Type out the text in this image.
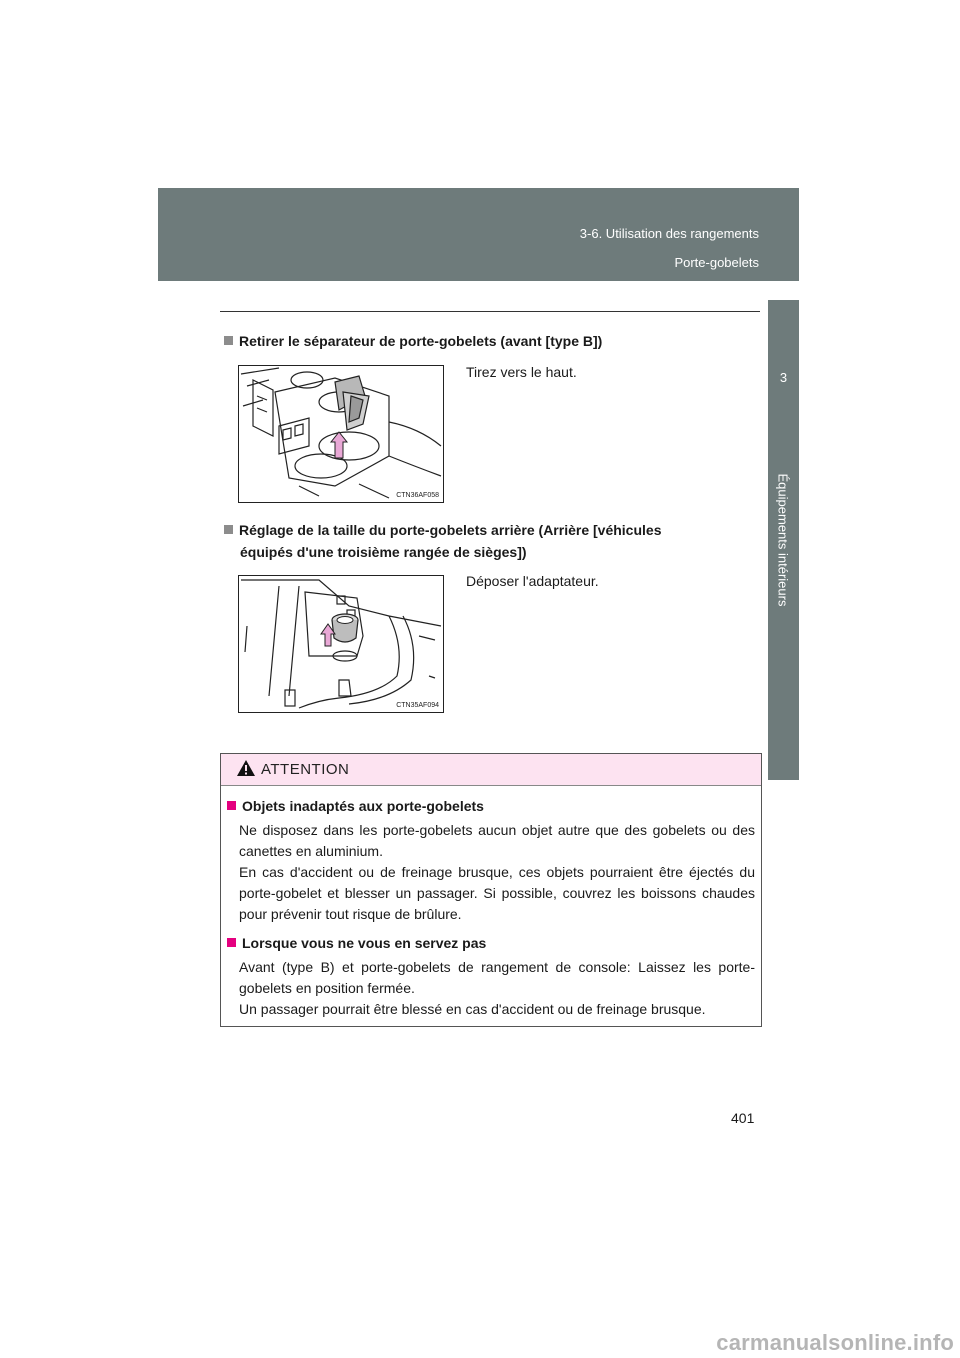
3-6. Utilisation des rangements
Porte-gobelets
3
Équipements intérieurs
Retirer le séparateur de porte-gobelets (avant [type B])
CTN36AF058
Tirez vers le haut.
Réglage de la taille du porte-gobelets arrière (Arrière [véhicules
équipés d'une troisième rangée de sièges])
CTN35AF094
Déposer l'adaptateur.
ATTENTION
Objets inadaptés aux porte-gobelets
Ne disposez dans les porte-gobelets aucun objet autre que des gobelets ou des canettes en aluminium.
En cas d'accident ou de freinage brusque, ces objets pourraient être éjectés du porte-gobelet et blesser un passager. Si possible, couvrez les boissons chaudes pour prévenir tout risque de brûlure.
Lorsque vous ne vous en servez pas
Avant (type B) et porte-gobelets de rangement de console: Laissez les porte-gobelets en position fermée.
Un passager pourrait être blessé en cas d'accident ou de freinage brusque.
401
carmanualsonline.info
